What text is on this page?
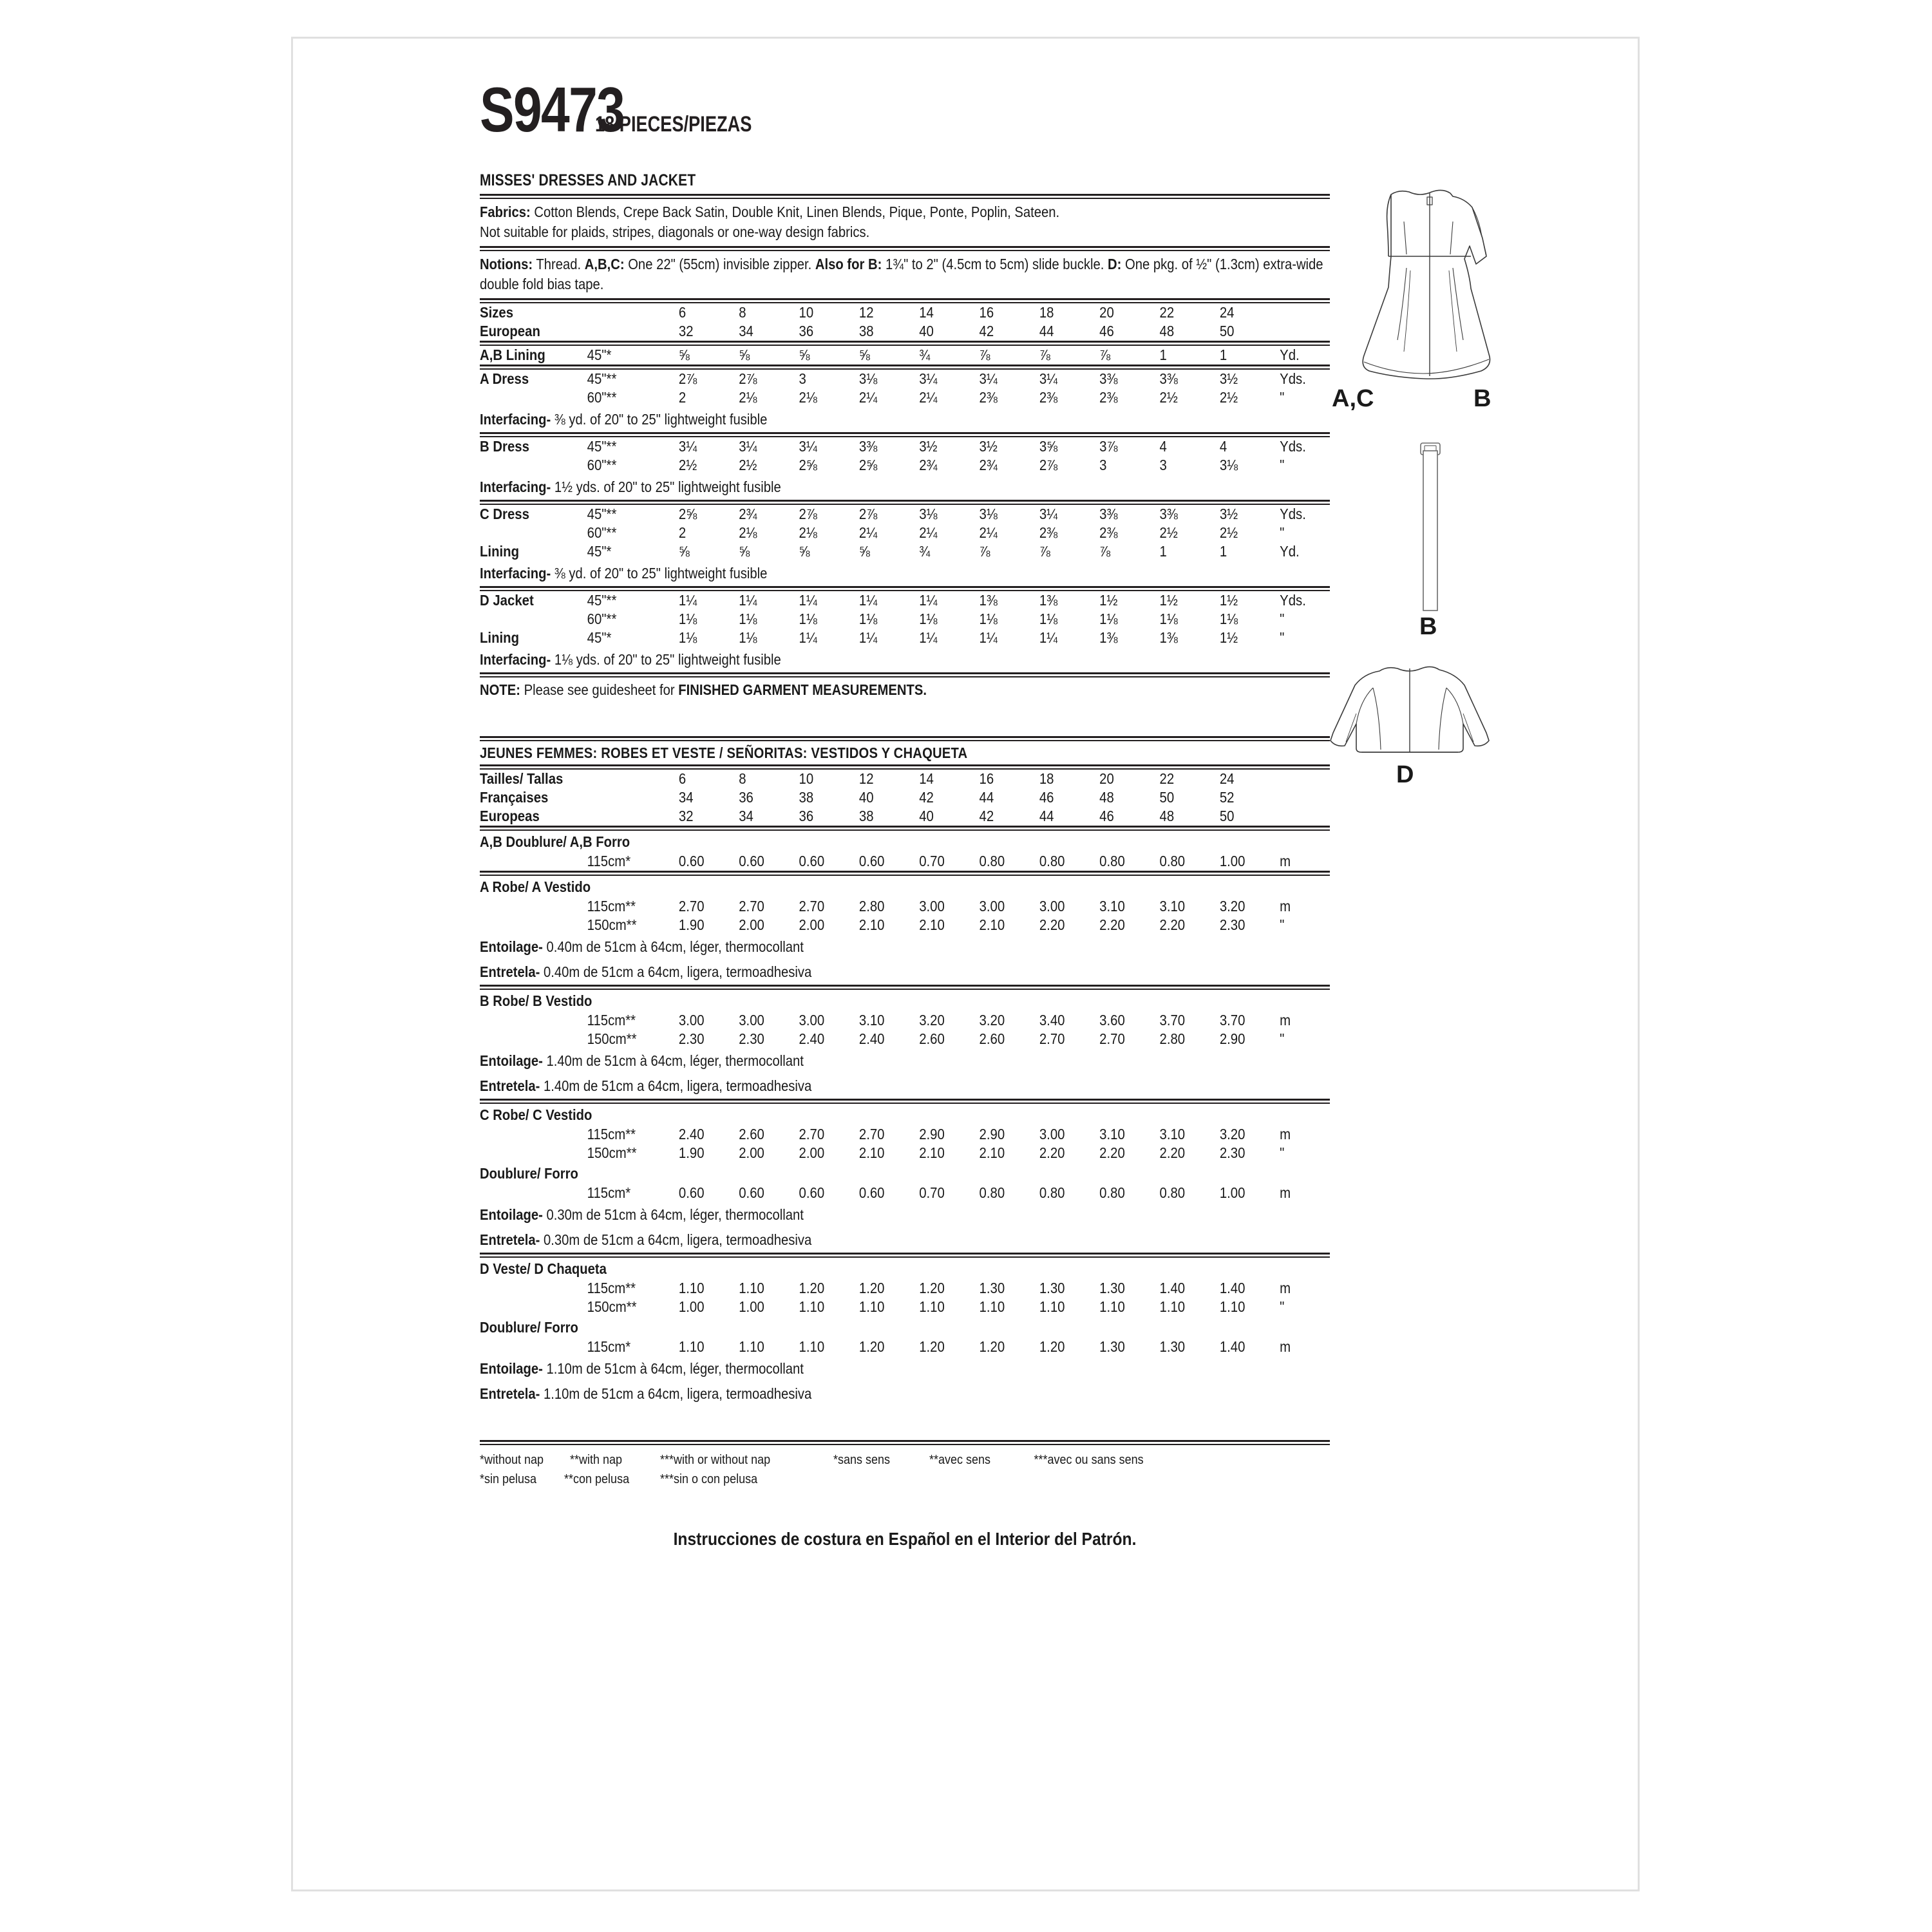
S9473
18 PIECES/PIEZAS
MISSES' DRESSES AND JACKET
Fabrics: Cotton Blends, Crepe Back Satin, Double Knit, Linen Blends, Pique, Ponte, Poplin, Sateen.
Not suitable for plaids, stripes, diagonals or one-way design fabrics.
Notions: Thread. A,B,C: One 22" (55cm) invisible zipper. Also for B: 1¾" to 2" (4.5cm to 5cm) slide buckle. D: One pkg. of ½" (1.3cm) extra-wide double fold bias tape.
Sizes		6	8	10	12	14	16	18	20	22	24	
European		32	34	36	38	40	42	44	46	48	50	
A,B Lining	45"*	⅝	⅝	⅝	⅝	¾	⅞	⅞	⅞	1	1	Yd.
A Dress	45"**	2⅞	2⅞	3	3⅛	3¼	3¼	3¼	3⅜	3⅜	3½	Yds.
	60"**	2	2⅛	2⅛	2¼	2¼	2⅜	2⅜	2⅜	2½	2½	"
Interfacing- ⅜ yd. of 20" to 25" lightweight fusible
B Dress	45"**	3¼	3¼	3¼	3⅜	3½	3½	3⅝	3⅞	4	4	Yds.
	60"**	2½	2½	2⅝	2⅝	2¾	2¾	2⅞	3	3	3⅛	"
Interfacing- 1½ yds. of 20" to 25" lightweight fusible
C Dress	45"**	2⅝	2¾	2⅞	2⅞	3⅛	3⅛	3¼	3⅜	3⅜	3½	Yds.
	60"**	2	2⅛	2⅛	2¼	2¼	2¼	2⅜	2⅜	2½	2½	"
Lining	45"*	⅝	⅝	⅝	⅝	¾	⅞	⅞	⅞	1	1	Yd.
Interfacing- ⅜ yd. of 20" to 25" lightweight fusible
D Jacket	45"**	1¼	1¼	1¼	1¼	1¼	1⅜	1⅜	1½	1½	1½	Yds.
	60"**	1⅛	1⅛	1⅛	1⅛	1⅛	1⅛	1⅛	1⅛	1⅛	1⅛	"
Lining	45"*	1⅛	1⅛	1¼	1¼	1¼	1¼	1¼	1⅜	1⅜	1½	"
Interfacing- 1⅛ yds. of 20" to 25" lightweight fusible
NOTE: Please see guidesheet for FINISHED GARMENT MEASUREMENTS.
JEUNES FEMMES: ROBES ET VESTE / SEÑORITAS: VESTIDOS Y CHAQUETA
Tailles/ Tallas		6	8	10	12	14	16	18	20	22	24	
Françaises		34	36	38	40	42	44	46	48	50	52	
Europeas		32	34	36	38	40	42	44	46	48	50	
A,B Doublure/ A,B Forro
	115cm*	0.60	0.60	0.60	0.60	0.70	0.80	0.80	0.80	0.80	1.00	m
A Robe/ A Vestido
	115cm**	2.70	2.70	2.70	2.80	3.00	3.00	3.00	3.10	3.10	3.20	m
	150cm**	1.90	2.00	2.00	2.10	2.10	2.10	2.20	2.20	2.20	2.30	"
Entoilage- 0.40m de 51cm à 64cm, léger, thermocollant
Entretela- 0.40m de 51cm a 64cm, ligera, termoadhesiva
B Robe/ B Vestido
	115cm**	3.00	3.00	3.00	3.10	3.20	3.20	3.40	3.60	3.70	3.70	m
	150cm**	2.30	2.30	2.40	2.40	2.60	2.60	2.70	2.70	2.80	2.90	"
Entoilage- 1.40m de 51cm à 64cm, léger, thermocollant
Entretela- 1.40m de 51cm a 64cm, ligera, termoadhesiva
C Robe/ C Vestido
	115cm**	2.40	2.60	2.70	2.70	2.90	2.90	3.00	3.10	3.10	3.20	m
	150cm**	1.90	2.00	2.00	2.10	2.10	2.10	2.20	2.20	2.20	2.30	"
Doublure/ Forro
	115cm*	0.60	0.60	0.60	0.60	0.70	0.80	0.80	0.80	0.80	1.00	m
Entoilage- 0.30m de 51cm à 64cm, léger, thermocollant
Entretela- 0.30m de 51cm a 64cm, ligera, termoadhesiva
D Veste/ D Chaqueta
	115cm**	1.10	1.10	1.20	1.20	1.20	1.30	1.30	1.30	1.40	1.40	m
	150cm**	1.00	1.00	1.10	1.10	1.10	1.10	1.10	1.10	1.10	1.10	"
Doublure/ Forro
	115cm*	1.10	1.10	1.10	1.20	1.20	1.20	1.20	1.30	1.30	1.40	m
Entoilage- 1.10m de 51cm à 64cm, léger, thermocollant
Entretela- 1.10m de 51cm a 64cm, ligera, termoadhesiva
*without nap **with nap	***with or without nap
*sin pelusa **con pelusa ***sin o con pelusa
*sans sens	**avec sens	***avec ou sans sens
Instrucciones de costura en Español en el Interior del Patrón.
A,C	B
B
D
